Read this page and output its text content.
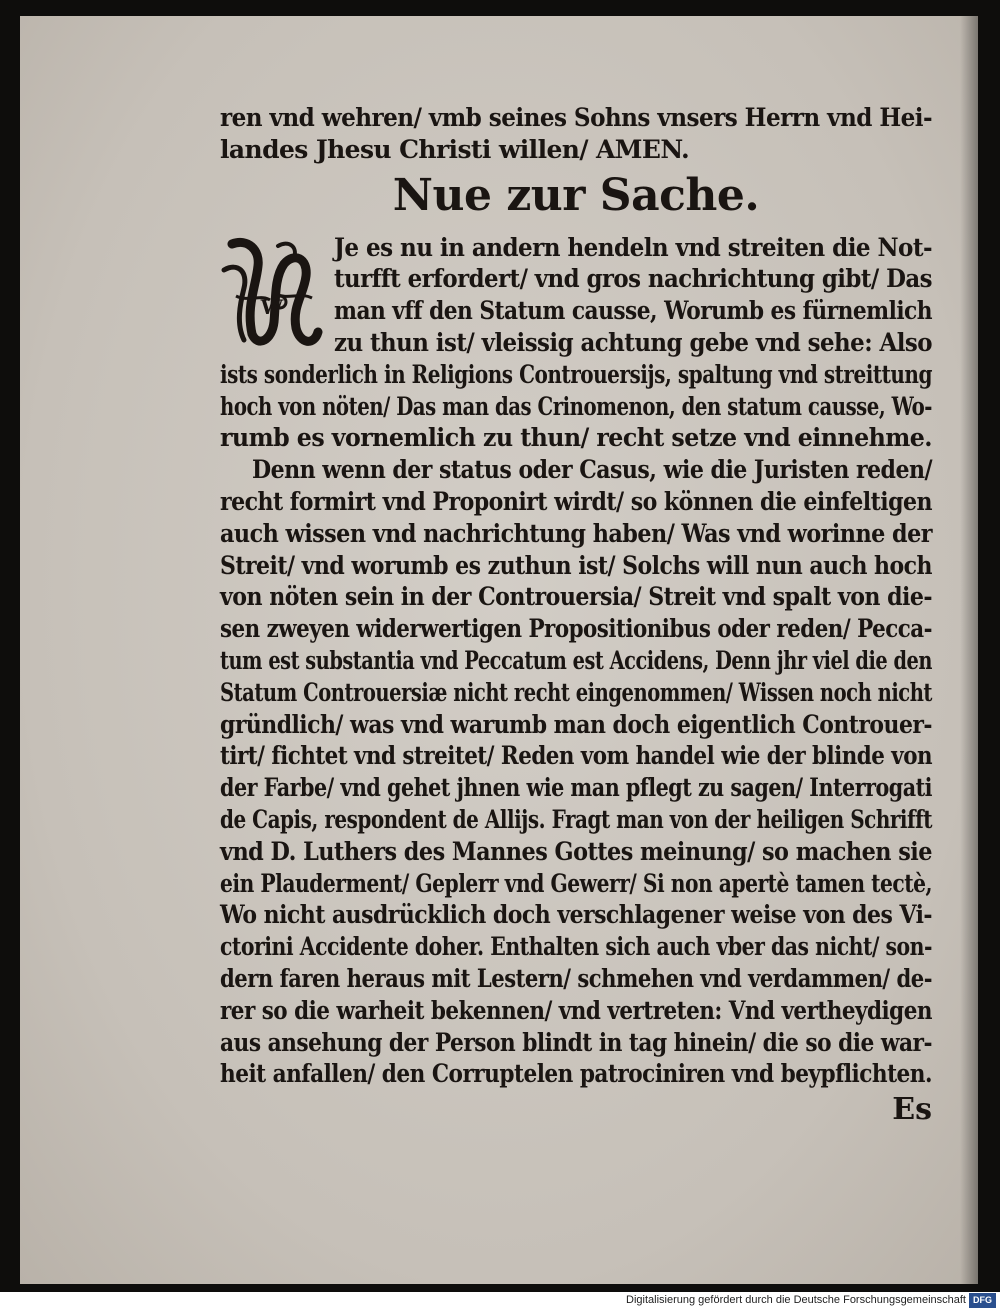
ren vnd wehren/ vmb seines Sohns vnsers Herrn vnd Hei-
landes Jhesu Christi willen/ AMEN.
Nue zur Sache.
W
Je es nu in andern hendeln vnd streiten die Not-
turfft erfordert/ vnd gros nachrichtung gibt/ Das
man vff den Statum causse, Worumb es fürnemlich
zu thun ist/ vleissig achtung gebe vnd sehe: Also
ists sonderlich in Religions Controuersijs, spaltung vnd streittung
hoch von nöten/ Das man das Crinomenon, den statum causse, Wo-
rumb es vornemlich zu thun/ recht setze vnd einnehme.
Denn wenn der status oder Casus, wie die Juristen reden/
recht formirt vnd Proponirt wirdt/ so können die einfeltigen
auch wissen vnd nachrichtung haben/ Was vnd worinne der
Streit/ vnd worumb es zuthun ist/ Solchs will nun auch hoch
von nöten sein in der Controuersia/ Streit vnd spalt von die-
sen zweyen widerwertigen Propositionibus oder reden/ Pecca-
tum est substantia vnd Peccatum est Accidens, Denn jhr viel die den
Statum Controuersiæ nicht recht eingenommen/ Wissen noch nicht
gründlich/ was vnd warumb man doch eigentlich Controuer-
tirt/ fichtet vnd streitet/ Reden vom handel wie der blinde von
der Farbe/ vnd gehet jhnen wie man pflegt zu sagen/ Interrogati
de Capis, respondent de Allijs. Fragt man von der heiligen Schrifft
vnd D. Luthers des Mannes Gottes meinung/ so machen sie
ein Plauderment/ Geplerr vnd Gewerr/ Si non apertè tamen tectè,
Wo nicht ausdrücklich doch verschlagener weise von des Vi-
ctorini Accidente doher. Enthalten sich auch vber das nicht/ son-
dern faren heraus mit Lestern/ schmehen vnd verdammen/ de-
rer so die warheit bekennen/ vnd vertreten: Vnd vertheydigen
aus ansehung der Person blindt in tag hinein/ die so die war-
heit anfallen/ den Corruptelen patrociniren vnd beypflichten.
Es
Digitalisierung gefördert durch die Deutsche Forschungsgemeinschaft DFG
